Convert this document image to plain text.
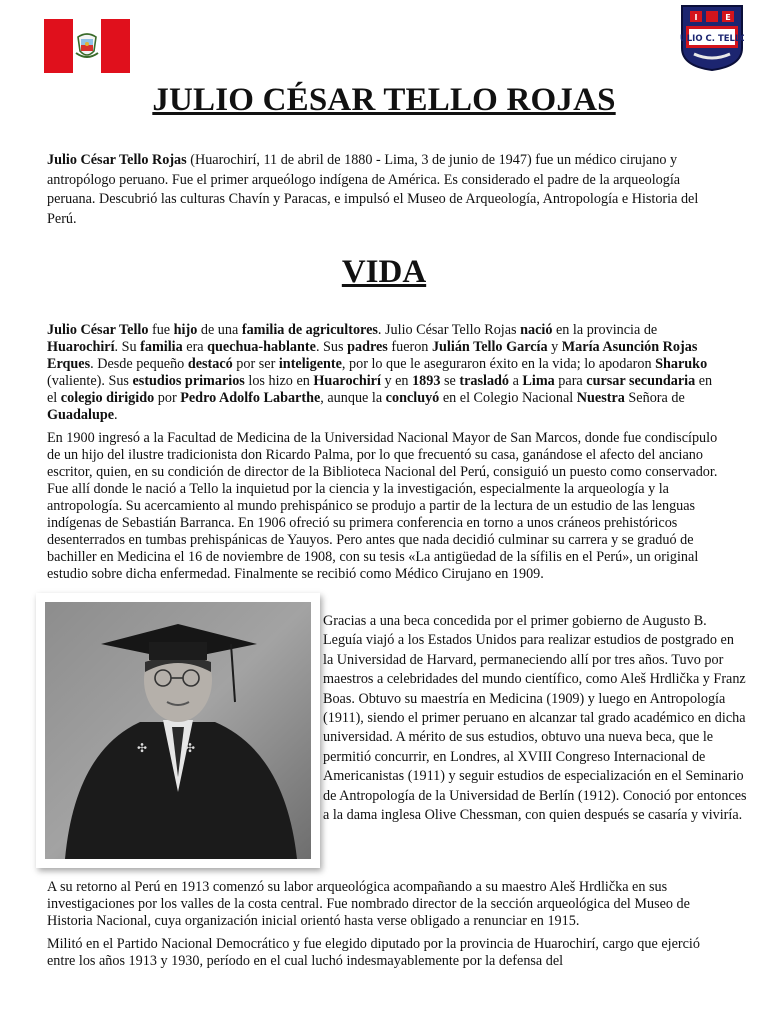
I	E
JULIO C. TELLO
JULIO CÉSAR TELLO ROJAS

Julio César Tello Rojas (Huarochirí, 11 de abril de 1880 - Lima, 3 de junio de 1947) fue un médico cirujano y antropólogo peruano. Fue el primer arqueólogo indígena de América. Es considerado el padre de la arqueología peruana. Descubrió las culturas Chavín y Paracas, e impulsó el Museo de Arqueología, Antropología e Historia del Perú.

VIDA

Julio César Tello fue hijo de una familia de agricultores. Julio César Tello Rojas nació en la provincia de Huarochirí. Su familia era quechua-hablante. Sus padres fueron Julián Tello García y María Asunción Rojas Erques. Desde pequeño destacó por ser inteligente, por lo que le aseguraron éxito en la vida; lo apodaron Sharuko (valiente). Sus estudios primarios los hizo en Huarochirí y en 1893 se trasladó a Lima para cursar secundaria en el colegio dirigido por Pedro Adolfo Labarthe, aunque la concluyó en el Colegio Nacional Nuestra Señora de Guadalupe.

En 1900 ingresó a la Facultad de Medicina de la Universidad Nacional Mayor de San Marcos, donde fue condiscípulo de un hijo del ilustre tradicionista don Ricardo Palma, por lo que frecuentó su casa, ganándose el afecto del anciano escritor, quien, en su condición de director de la Biblioteca Nacional del Perú, consiguió un puesto como conservador. Fue allí donde le nació a Tello la inquietud por la ciencia y la investigación, especialmente la arqueología y la antropología. Su acercamiento al mundo prehispánico se produjo a partir de la lectura de un estudio de las lenguas indígenas de Sebastián Barranca. En 1906 ofreció su primera conferencia en torno a unos cráneos prehistóricos desenterrados en tumbas prehispánicas de Yauyos. Pero antes que nada decidió culminar su carrera y se graduó de bachiller en Medicina el 16 de noviembre de 1908, con su tesis «La antigüedad de la sífilis en el Perú», un original estudio sobre dicha enfermedad. Finalmente se recibió como Médico Cirujano en 1909.

✣	✣

Gracias a una beca concedida por el primer gobierno de Augusto B. Leguía viajó a los Estados Unidos para realizar estudios de postgrado en la Universidad de Harvard, permaneciendo allí por tres años. Tuvo por maestros a celebridades del mundo científico, como Aleš Hrdlička y Franz Boas. Obtuvo su maestría en Medicina (1909) y luego en Antropología (1911), siendo el primer peruano en alcanzar tal grado académico en dicha universidad. A mérito de sus estudios, obtuvo una nueva beca, que le permitió concurrir, en Londres, al XVIII Congreso Internacional de Americanistas (1911) y seguir estudios de especialización en el Seminario de Antropología de la Universidad de Berlín (1912). Conoció por entonces a la dama inglesa Olive Chessman, con quien después se casaría y viviría.

A su retorno al Perú en 1913 comenzó su labor arqueológica acompañando a su maestro Aleš Hrdlička en sus investigaciones por los valles de la costa central. Fue nombrado director de la sección arqueológica del Museo de Historia Nacional, cuya organización inicial orientó hasta verse obligado a renunciar en 1915.

Militó en el Partido Nacional Democrático y fue elegido diputado por la provincia de Huarochirí, cargo que ejerció entre los años 1913 y 1930, período en el cual luchó indesmayablemente por la defensa del
